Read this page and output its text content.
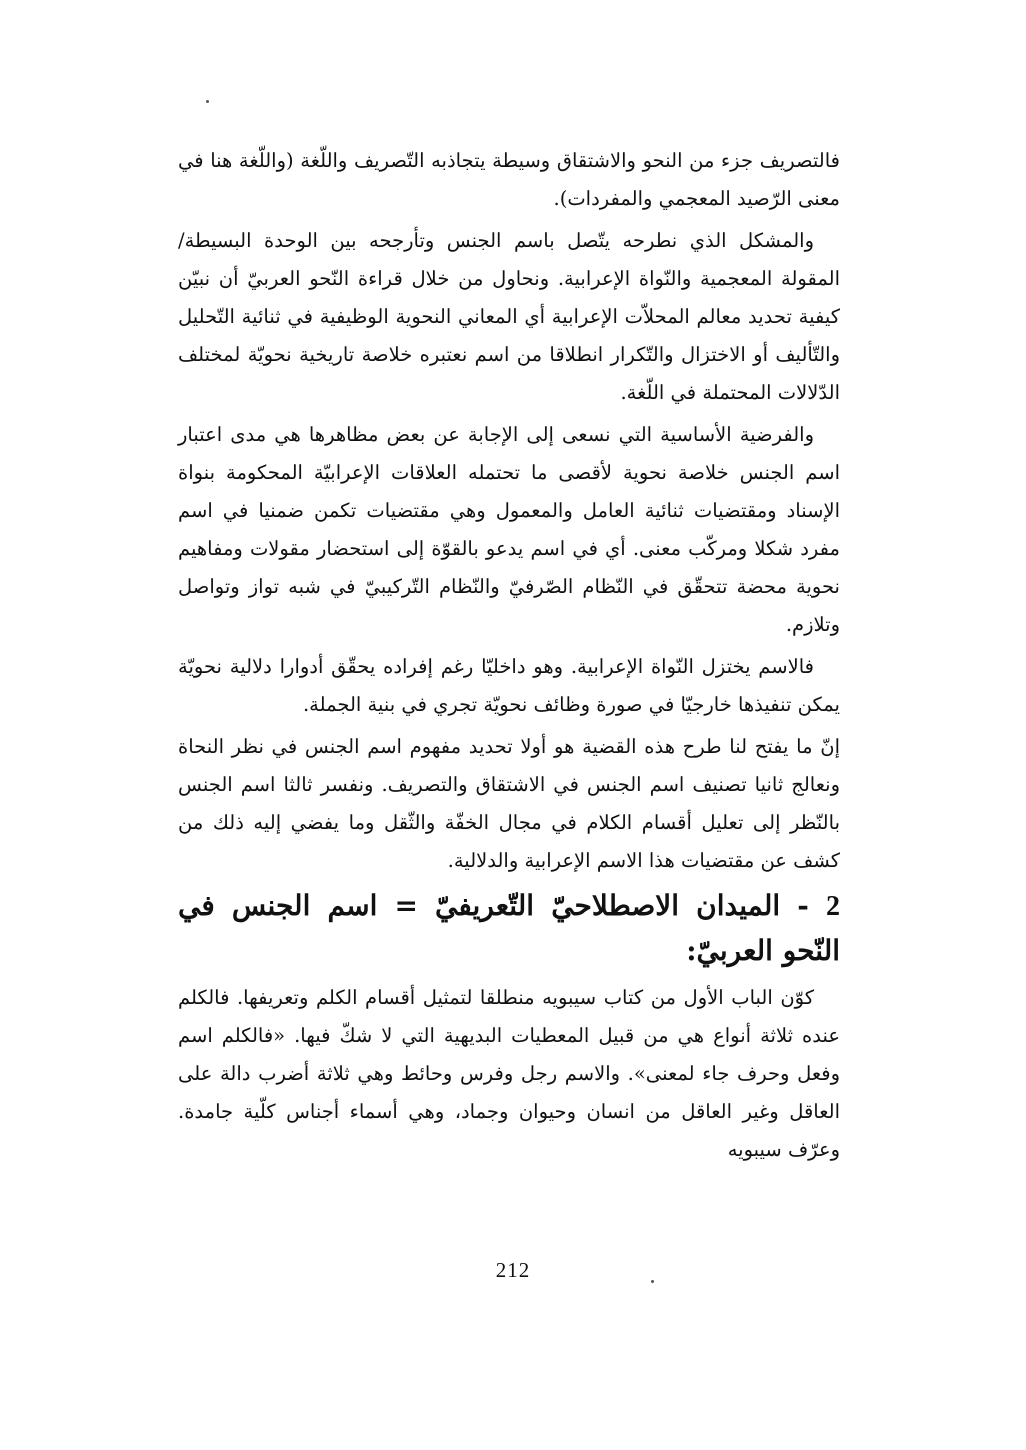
فالتصريف جزء من النحو والاشتقاق وسيطة يتجاذبه التّصريف واللّغة (واللّغة هنا في معنى الرّصيد المعجمي والمفردات).

والمشكل الذي نطرحه يتّصل باسم الجنس وتأرجحه بين الوحدة البسيطة/ المقولة المعجمية والنّواة الإعرابية. ونحاول من خلال قراءة النّحو العربيّ أن نبيّن كيفية تحديد معالم المحلاّت الإعرابية أي المعاني النحوية الوظيفية في ثنائية التّحليل والتّأليف أو الاختزال والتّكرار انطلاقا من اسم نعتبره خلاصة تاريخية نحويّة لمختلف الدّلالات المحتملة في اللّغة.

والفرضية الأساسية التي نسعى إلى الإجابة عن بعض مظاهرها هي مدى اعتبار اسم الجنس خلاصة نحوية لأقصى ما تحتمله العلاقات الإعرابيّة المحكومة بنواة الإسناد ومقتضيات ثنائية العامل والمعمول وهي مقتضيات تكمن ضمنيا في اسم مفرد شكلا ومركّب معنى. أي في اسم يدعو بالقوّة إلى استحضار مقولات ومفاهيم نحوية محضة تتحقّق في النّظام الصّرفيّ والنّظام التّركيبيّ في شبه تواز وتواصل وتلازم.

فالاسم يختزل النّواة الإعرابية. وهو داخليّا رغم إفراده يحقّق أدوارا دلالية نحويّة يمكن تنفيذها خارجيّا في صورة وظائف نحويّة تجري في بنية الجملة.

إنّ ما يفتح لنا طرح هذه القضية هو أولا تحديد مفهوم اسم الجنس في نظر النحاة ونعالج ثانيا تصنيف اسم الجنس في الاشتقاق والتصريف. ونفسر ثالثا اسم الجنس بالنّظر إلى تعليل أقسام الكلام في مجال الخفّة والثّقل وما يفضي إليه ذلك من كشف عن مقتضيات هذا الاسم الإعرابية والدلالية.

2 - الميدان الاصطلاحيّ التّعريفيّ = اسم الجنس في النّحو العربيّ:

كوّن الباب الأول من كتاب سيبويه منطلقا لتمثيل أقسام الكلم وتعريفها. فالكلم عنده ثلاثة أنواع هي من قبيل المعطيات البديهية التي لا شكّ فيها. «فالكلم اسم وفعل وحرف جاء لمعنى». والاسم رجل وفرس وحائط وهي ثلاثة أضرب دالة على العاقل وغير العاقل من انسان وحيوان وجماد، وهي أسماء أجناس كلّية جامدة. وعرّف سيبويه

212
